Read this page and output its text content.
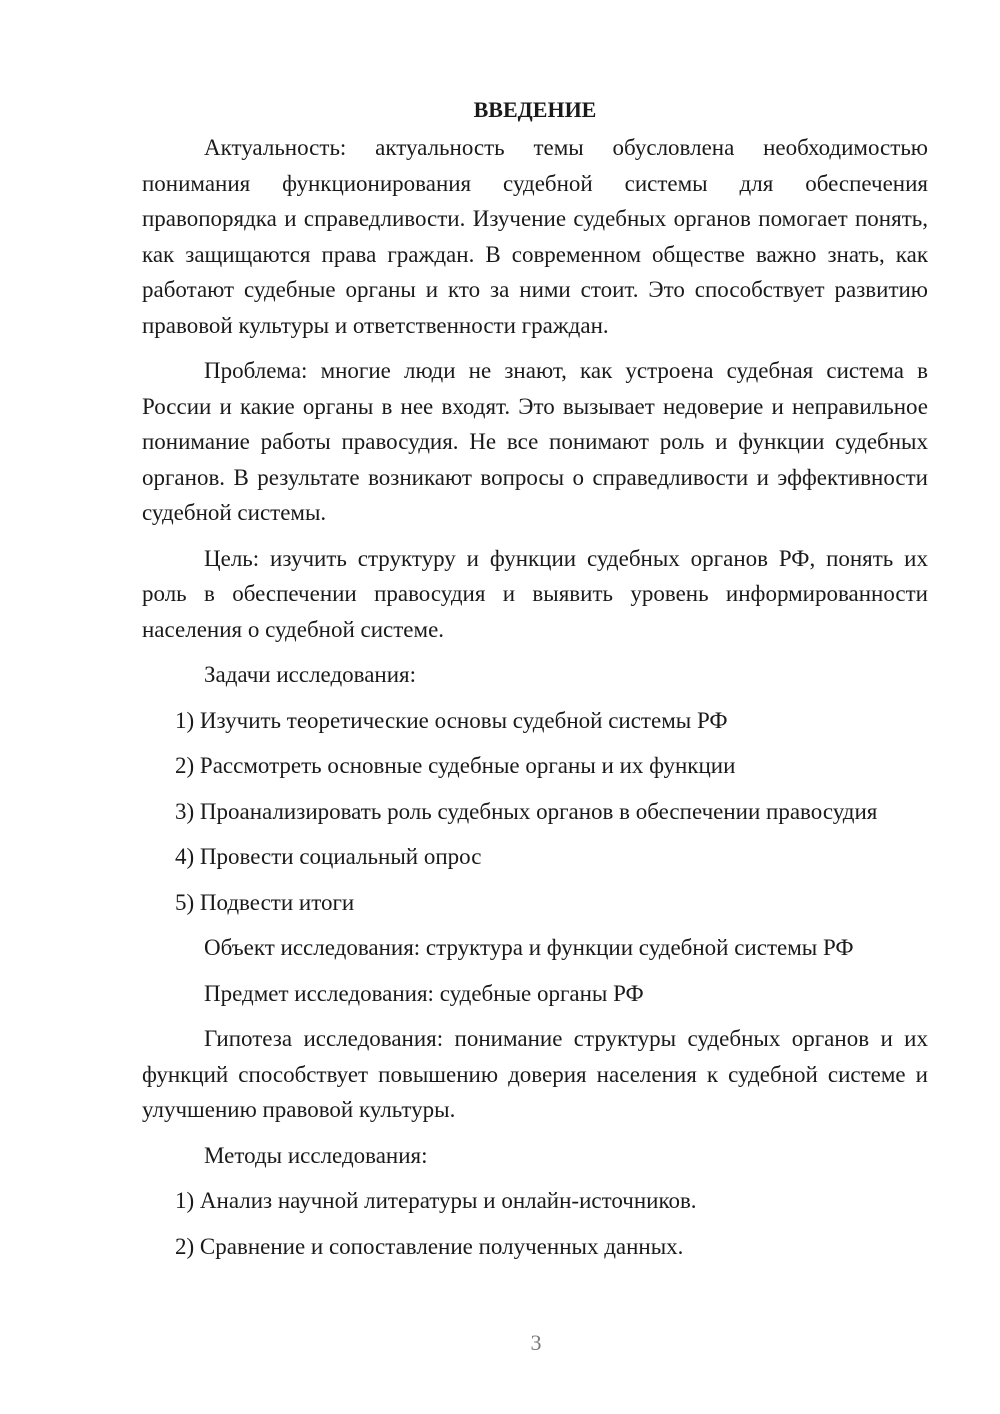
ВВЕДЕНИЕ

Актуальность: актуальность темы обусловлена необходимостью понимания функционирования судебной системы для обеспечения правопорядка и справедливости. Изучение судебных органов помогает понять, как защищаются права граждан. В современном обществе важно знать, как работают судебные органы и кто за ними стоит. Это способствует развитию правовой культуры и ответственности граждан.

Проблема: многие люди не знают, как устроена судебная система в России и какие органы в нее входят. Это вызывает недоверие и неправильное понимание работы правосудия. Не все понимают роль и функции судебных органов. В результате возникают вопросы о справедливости и эффективности судебной системы.

Цель: изучить структуру и функции судебных органов РФ, понять их роль в обеспечении правосудия и выявить уровень информированности населения о судебной системе.

Задачи исследования:

1) Изучить теоретические основы судебной системы РФ

2) Рассмотреть основные судебные органы и их функции

3) Проанализировать роль судебных органов в обеспечении правосудия

4) Провести социальный опрос

5) Подвести итоги

Объект исследования: структура и функции судебной системы РФ

Предмет исследования: судебные органы РФ

Гипотеза исследования: понимание структуры судебных органов и их функций способствует повышению доверия населения к судебной системе и улучшению правовой культуры.

Методы исследования:

1) Анализ научной литературы и онлайн-источников.

2) Сравнение и сопоставление полученных данных.

3
